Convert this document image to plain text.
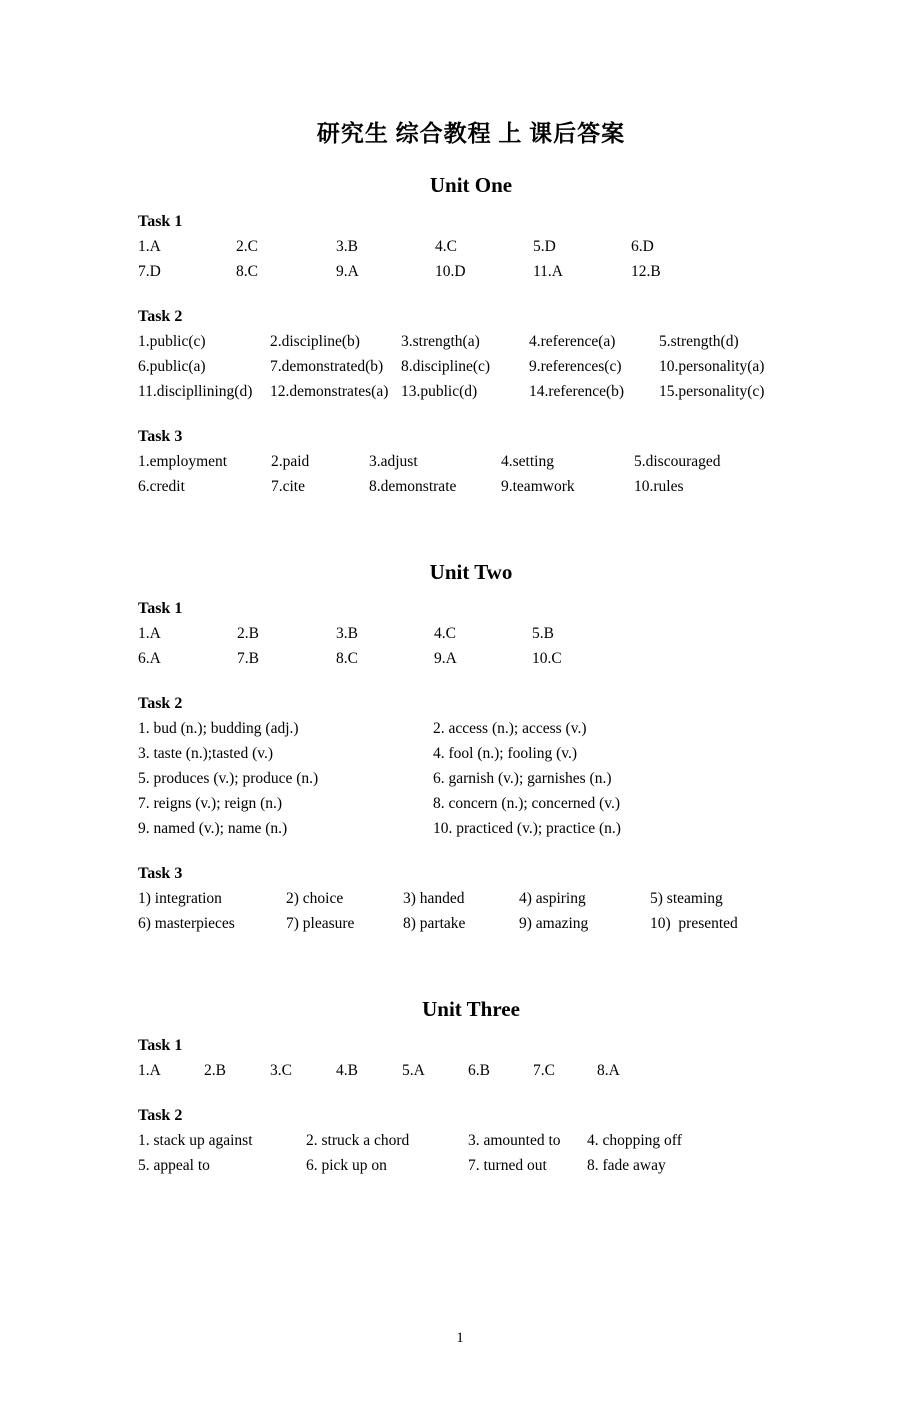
研究生 综合教程 上 课后答案
Unit One
Task 1
1.A	2.C	3.B	4.C	5.D	6.D
7.D	8.C	9.A	10.D	11.A	12.B
Task 2
1.public(c)	2.discipline(b)	3.strength(a)	4.reference(a)	5.strength(d)
6.public(a)	7.demonstrated(b) 8.discipline(c)	9.references(c) 10.personality(a)
11.discipllining(d) 12.demonstrates(a) 13.public(d)	14.reference(b) 15.personality(c)
Task 3
1.employment	2.paid	3.adjust	4.setting	5.discouraged
6.credit	7.cite	8.demonstrate	9.teamwork	10.rules
Unit Two
Task 1
1.A	2.B	3.B	4.C	5.B
6.A	7.B	8.C	9.A	10.C
Task 2
1. bud (n.); budding (adj.)	2. access (n.); access (v.)
3. taste (n.);tasted (v.)	4. fool (n.); fooling (v.)
5. produces (v.); produce (n.)	6. garnish (v.); garnishes (n.)
7. reigns (v.); reign (n.)	8. concern (n.); concerned (v.)
9. named (v.); name (n.)	10. practiced (v.); practice (n.)
Task 3
1) integration	2) choice	3) handed	4) aspiring	5) steaming
6) masterpieces	7) pleasure	8) partake	9) amazing	10)  presented
Unit Three
Task 1
1.A	2.B	3.C	4.B	5.A	6.B	7.C	8.A
Task 2
1. stack up against	2. struck a chord	3. amounted to 4. chopping off
5. appeal to	6. pick up on	7. turned out	8. fade away
1
